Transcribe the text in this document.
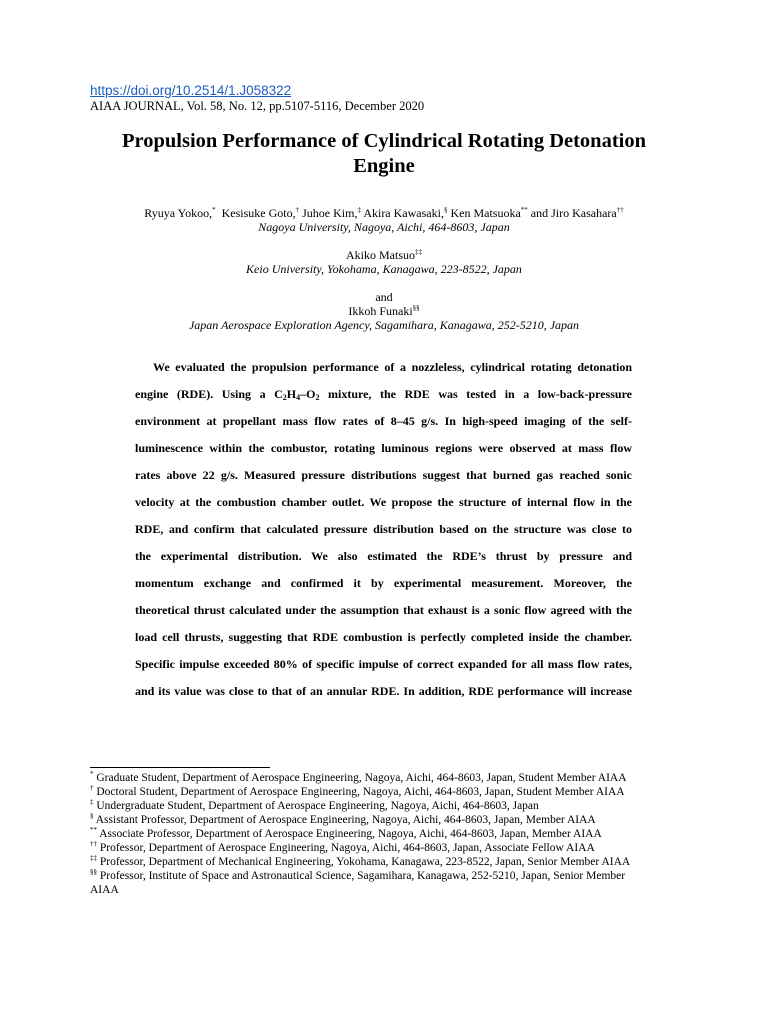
https://doi.org/10.2514/1.J058322
AIAA JOURNAL, Vol. 58, No. 12, pp.5107-5116, December 2020
Propulsion Performance of Cylindrical Rotating Detonation
Engine
Ryuya Yokoo,* Kesisuke Goto,† Juhoe Kim,‡ Akira Kawasaki,§ Ken Matsuoka** and Jiro Kasahara††
Nagoya University, Nagoya, Aichi, 464-8603, Japan
Akiko Matsuo‡‡
Keio University, Yokohama, Kanagawa, 223-8522, Japan
and
Ikkoh Funaki§§
Japan Aerospace Exploration Agency, Sagamihara, Kanagawa, 252-5210, Japan
We evaluated the propulsion performance of a nozzleless, cylindrical rotating detonation
engine (RDE). Using a $C_2H_4-O_2$ mixture, the RDE was tested in a low-back-pressure
environment at propellant mass flow rates of 8–45 g/s. In high-speed imaging of the self-
luminescence within the combustor, rotating luminous regions were observed at mass flow
rates above 22 g/s. Measured pressure distributions suggest that burned gas reached sonic
velocity at the combustion chamber outlet. We propose the structure of internal flow in the
RDE, and confirm that calculated pressure distribution based on the structure was close to
the experimental distribution. We also estimated the RDE’s thrust by pressure and
momentum exchange and confirmed it by experimental measurement. Moreover, the
theoretical thrust calculated under the assumption that exhaust is a sonic flow agreed with the
load cell thrusts, suggesting that RDE combustion is perfectly completed inside the chamber.
Specific impulse exceeded 80% of specific impulse of correct expanded for all mass flow rates,
and its value was close to that of an annular RDE. In addition, RDE performance will increase
* Graduate Student, Department of Aerospace Engineering, Nagoya, Aichi, 464-8603, Japan, Student Member AIAA
† Doctoral Student, Department of Aerospace Engineering, Nagoya, Aichi, 464-8603, Japan, Student Member AIAA
‡ Undergraduate Student, Department of Aerospace Engineering, Nagoya, Aichi, 464-8603, Japan
§ Assistant Professor, Department of Aerospace Engineering, Nagoya, Aichi, 464-8603, Japan, Member AIAA
** Associate Professor, Department of Aerospace Engineering, Nagoya, Aichi, 464-8603, Japan, Member AIAA
†† Professor, Department of Aerospace Engineering, Nagoya, Aichi, 464-8603, Japan, Associate Fellow AIAA
‡‡ Professor, Department of Mechanical Engineering, Yokohama, Kanagawa, 223-8522, Japan, Senior Member AIAA
§§ Professor, Institute of Space and Astronautical Science, Sagamihara, Kanagawa, 252-5210, Japan, Senior Member
AIAA
